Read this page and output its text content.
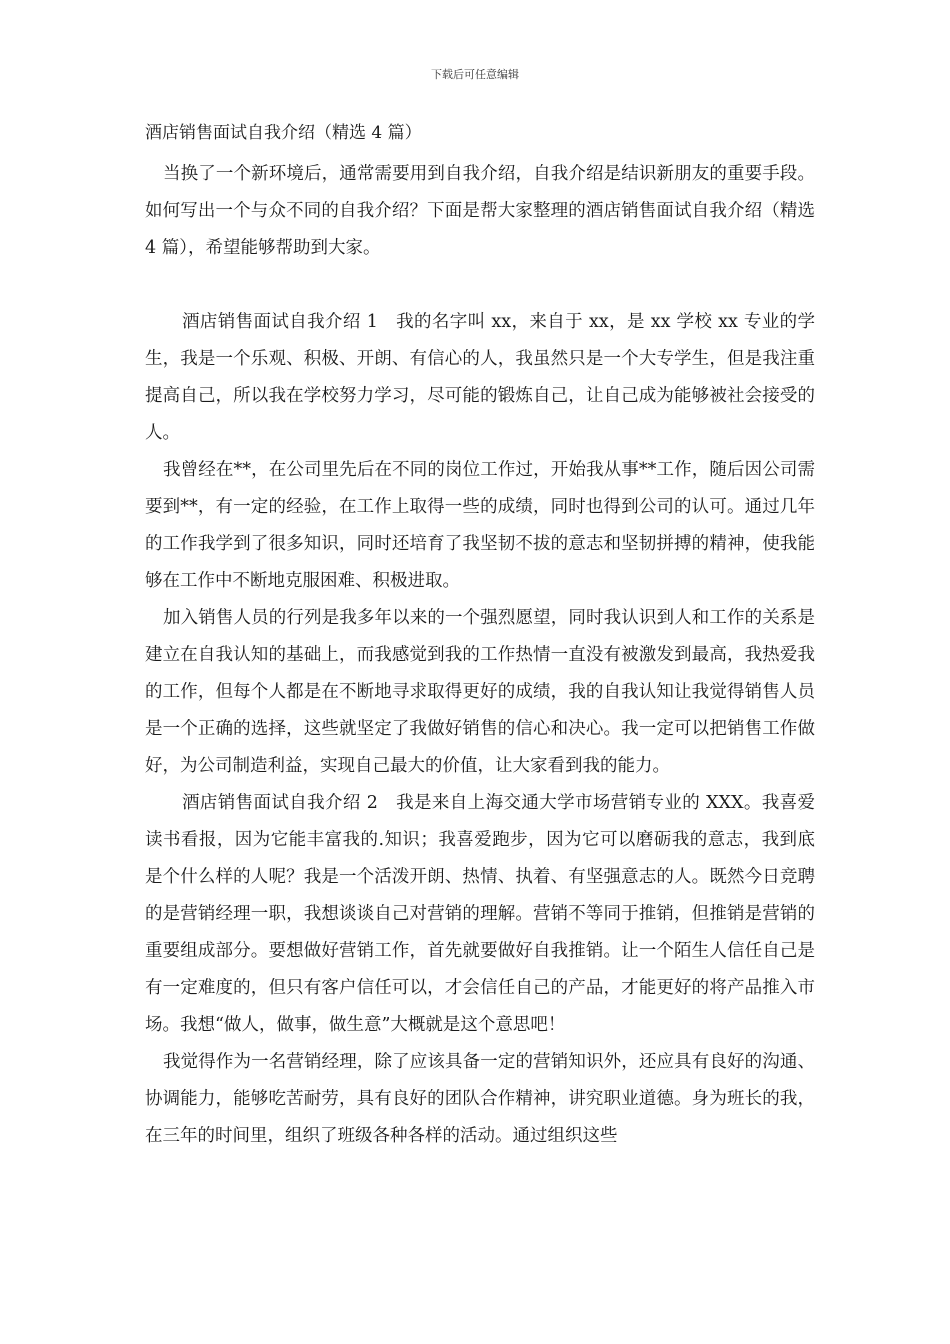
下载后可任意编辑
酒店销售面试自我介绍（精选 4 篇）

当换了一个新环境后，通常需要用到自我介绍，自我介绍是结识新朋友的重要手段。如何写出一个与众不同的自我介绍？下面是帮大家整理的酒店销售面试自我介绍（精选 4 篇），希望能够帮助到大家。

酒店销售面试自我介绍 1　我的名字叫 xx，来自于 xx，是 xx 学校 xx 专业的学生，我是一个乐观、积极、开朗、有信心的人，我虽然只是一个大专学生，但是我注重提高自己，所以我在学校努力学习，尽可能的锻炼自己，让自己成为能够被社会接受的人。

我曾经在**，在公司里先后在不同的岗位工作过，开始我从事**工作，随后因公司需要到**，有一定的经验，在工作上取得一些的成绩，同时也得到公司的认可。通过几年的工作我学到了很多知识，同时还培育了我坚韧不拔的意志和坚韧拼搏的精神，使我能够在工作中不断地克服困难、积极进取。

加入销售人员的行列是我多年以来的一个强烈愿望，同时我认识到人和工作的关系是建立在自我认知的基础上，而我感觉到我的工作热情一直没有被激发到最高，我热爱我的工作，但每个人都是在不断地寻求取得更好的成绩，我的自我认知让我觉得销售人员是一个正确的选择，这些就坚定了我做好销售的信心和决心。我一定可以把销售工作做好，为公司制造利益，实现自己最大的价值，让大家看到我的能力。

酒店销售面试自我介绍 2　我是来自上海交通大学市场营销专业的 XXX。我喜爱读书看报，因为它能丰富我的.知识；我喜爱跑步，因为它可以磨砺我的意志，我到底是个什么样的人呢？我是一个活泼开朗、热情、执着、有坚强意志的人。既然今日竞聘的是营销经理一职，我想谈谈自己对营销的理解。营销不等同于推销，但推销是营销的重要组成部分。要想做好营销工作，首先就要做好自我推销。让一个陌生人信任自己是有一定难度的，但只有客户信任可以，才会信任自己的产品，才能更好的将产品推入市场。我想“做人，做事，做生意”大概就是这个意思吧！

我觉得作为一名营销经理，除了应该具备一定的营销知识外，还应具有良好的沟通、协调能力，能够吃苦耐劳，具有良好的团队合作精神，讲究职业道德。身为班长的我，在三年的时间里，组织了班级各种各样的活动。通过组织这些
